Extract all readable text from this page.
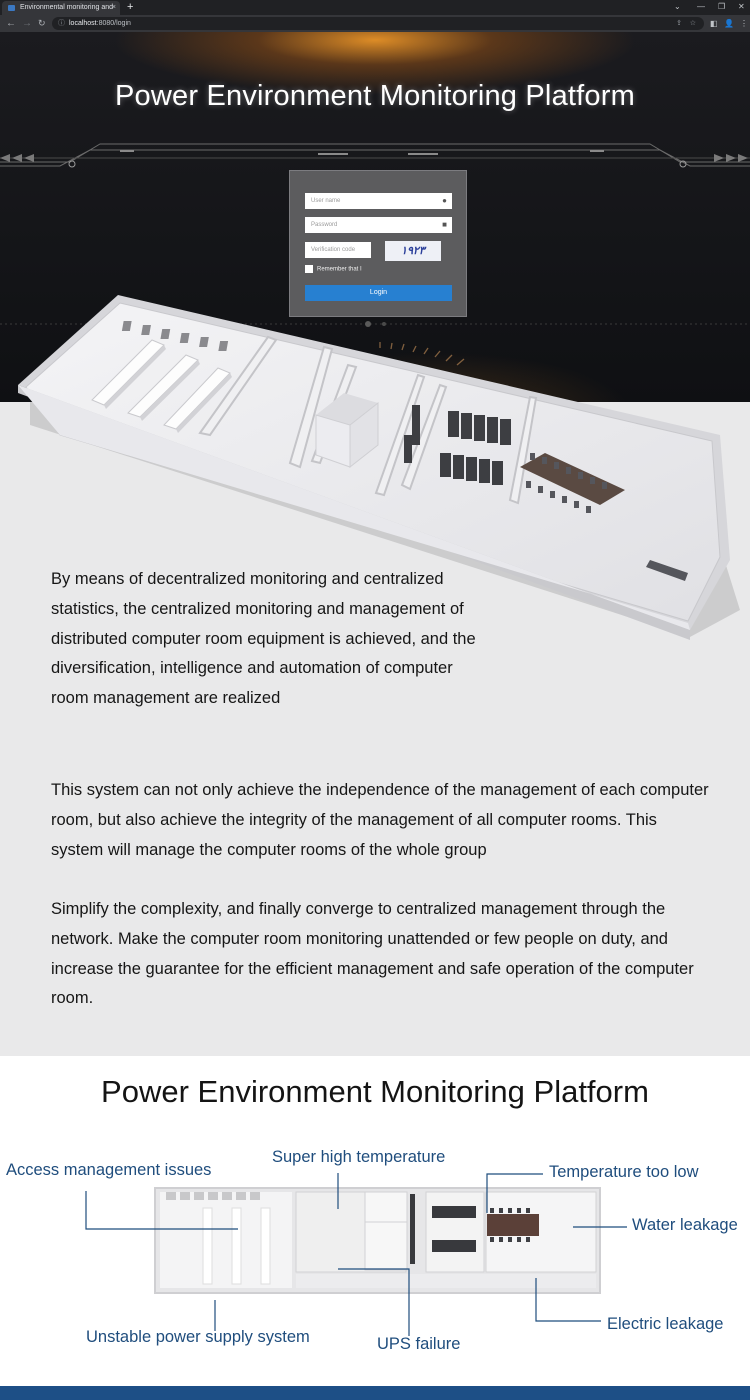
Environmental monitoring and
× +	⌄ — ❐ ✕
← → ↻ ⓘ localhost:8080/login	⇪ ☆ ◧ 👤 ⋮
Power Environment Monitoring Platform
User name	●
Password	■
Verification code	١٩٢٣
Remember that I
Login

By means of decentralized monitoring and centralized statistics, the centralized monitoring and management of distributed computer room equipment is achieved, and the diversification, intelligence and automation of computer room management are realized

This system can not only achieve the independence of the management of each computer room, but also achieve the integrity of the management of all computer rooms. This system will manage the computer rooms of the whole group

Simplify the complexity, and finally converge to centralized management through the network. Make the computer room monitoring unattended or few people on duty, and increase the guarantee for the efficient management and safe operation of the computer room.

Power Environment Monitoring Platform
Access management issues
Super high temperature
Temperature too low
Water leakage
Unstable power supply system	UPS failure
Electric leakage
